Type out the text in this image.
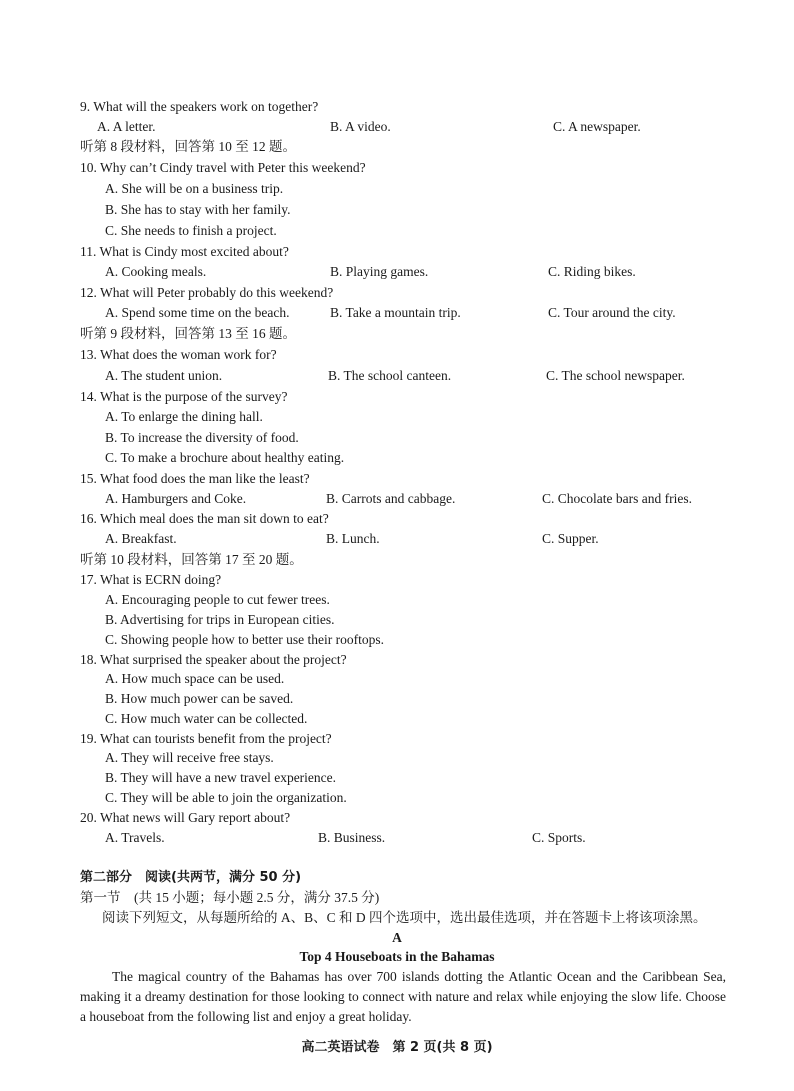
9. What will the speakers work on together?
A. A letter.	B. A video.	C. A newspaper.
听第 8 段材料，回答第 10 至 12 题。
10. Why can’t Cindy travel with Peter this weekend?
A. She will be on a business trip.
B. She has to stay with her family.
C. She needs to finish a project.
11. What is Cindy most excited about?
A. Cooking meals.	B. Playing games.	C. Riding bikes.
12. What will Peter probably do this weekend?
A. Spend some time on the beach.	B. Take a mountain trip.	C. Tour around the city.
听第 9 段材料，回答第 13 至 16 题。
13. What does the woman work for?
A. The student union.	B. The school canteen.	C. The school newspaper.
14. What is the purpose of the survey?
A. To enlarge the dining hall.
B. To increase the diversity of food.
C. To make a brochure about healthy eating.
15. What food does the man like the least?
A. Hamburgers and Coke.	B. Carrots and cabbage.	C. Chocolate bars and fries.
16. Which meal does the man sit down to eat?
A. Breakfast.	B. Lunch.	C. Supper.
听第 10 段材料，回答第 17 至 20 题。
17. What is ECRN doing?
A. Encouraging people to cut fewer trees.
B. Advertising for trips in European cities.
C. Showing people how to better use their rooftops.
18. What surprised the speaker about the project?
A. How much space can be used.
B. How much power can be saved.
C. How much water can be collected.
19. What can tourists benefit from the project?
A. They will receive free stays.
B. They will have a new travel experience.
C. They will be able to join the organization.
20. What news will Gary report about?
A. Travels.	B. Business.	C. Sports.
第二部分　阅读(共两节，满分 50 分)
第一节　(共 15 小题；每小题 2.5 分，满分 37.5 分)
阅读下列短文，从每题所给的 A、B、C 和 D 四个选项中，选出最佳选项，并在答题卡上将该项涂黑。
A
Top 4 Houseboats in the Bahamas
The magical country of the Bahamas has over 700 islands dotting the Atlantic Ocean and the Caribbean Sea, making it a dreamy destination for those looking to connect with nature and relax while enjoying the slow life. Choose a houseboat from the following list and enjoy a great holiday.
高二英语试卷　第 2 页(共 8 页)
